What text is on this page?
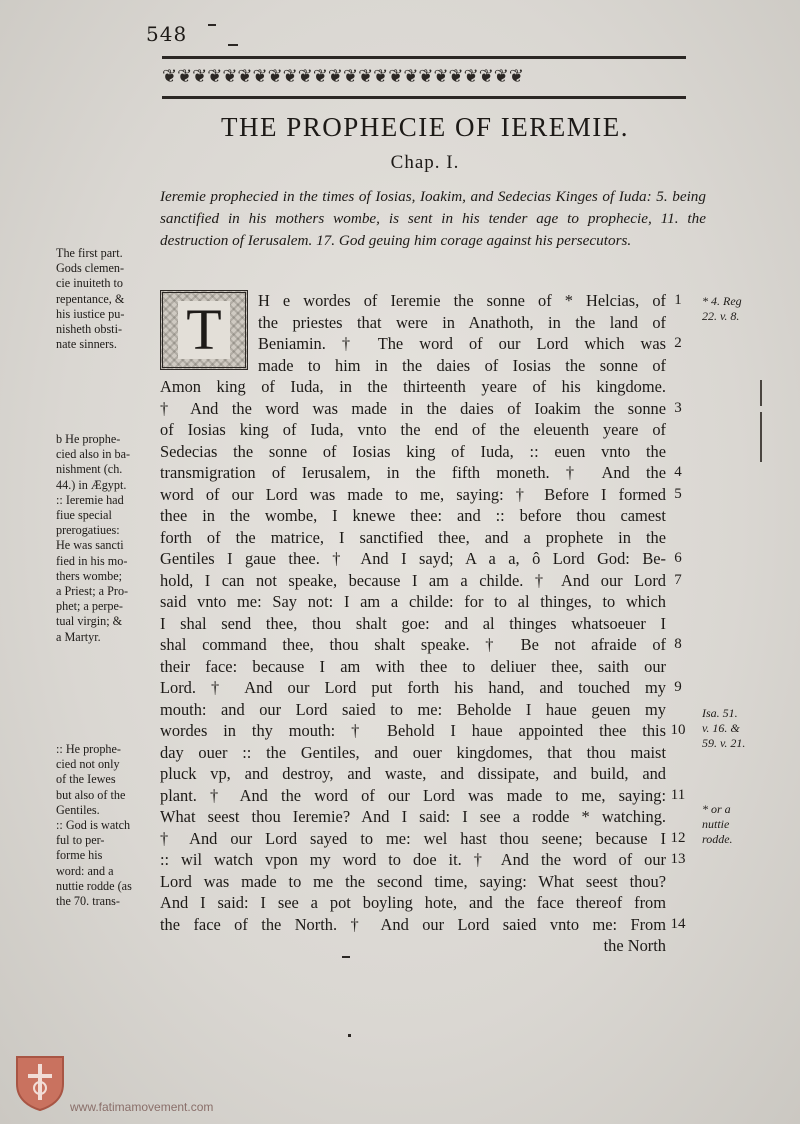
548
❦❦❦❦❦❦❦❦❦❦❦❦❦❦❦❦❦❦❦❦❦❦❦❦
THE PROPHECIE OF IEREMIE.
Chap. I.
Ieremie prophecied in the times of Iosias, Ioakim, and Sedecias Kinges of Iuda: 5. being sanctified in his mothers wombe, is sent in his tender age to prophecie, 11. the destruction of Ierusalem. 17. God geuing him corage against his persecutors.
T	H e wordes of Ieremie the sonne of * Helcias, of
the priestes that were in Anathoth, in the land of
Beniamin. † The word of our Lord which was
made to him in the daies of Iosias the sonne of
Amon king of Iuda, in the thirteenth yeare of his kingdome.
† And the word was made in the daies of Ioakim the sonne
of Iosias king of Iuda, vnto the end of the eleuenth yeare of
Sedecias the sonne of Iosias king of Iuda, :: euen vnto the
transmigration of Ierusalem, in the fifth moneth. † And the
word of our Lord was made to me, saying: † Before I formed
thee in the wombe, I knewe thee: and :: before thou camest
forth of the matrice, I sanctified thee, and a prophete in the
Gentiles I gaue thee. † And I sayd; A a a, ô Lord God: Be-
hold, I can not speake, because I am a childe. † And our Lord
said vnto me: Say not: I am a childe: for to al thinges, to which
I shal send thee, thou shalt goe: and al thinges whatsoeuer I
shal command thee, thou shalt speake. † Be not afraide of
their face: because I am with thee to deliuer thee, saith our
Lord. † And our Lord put forth his hand, and touched my
mouth: and our Lord saied to me: Beholde I haue geuen my
wordes in thy mouth: † Behold I haue appointed thee this
day ouer :: the Gentiles, and ouer kingdomes, that thou maist
pluck vp, and destroy, and waste, and dissipate, and build, and
plant. † And the word of our Lord was made to me, saying:
What seest thou Ieremie? And I said: I see a rodde * watching.
† And our Lord sayed to me: wel hast thou seene; because I
:: wil watch vpon my word to doe it. † And the word of our
Lord was made to me the second time, saying: What seest thou?
And I said: I see a pot boyling hote, and the face thereof from
the face of the North. † And our Lord saied vnto me: From
the North
The first part.
Gods clemen-
cie inuiteth to
repentance, &
his iustice pu-
nisheth obsti-
nate sinners.
b He prophe-
cied also in ba-
nishment (ch.
44.) in Ægypt.
:: Ieremie had
fiue special
prerogatiues:
He was sancti
fied in his mo-
thers wombe;
a Priest; a Pro-
phet; a perpe-
tual virgin; &
a Martyr.
:: He prophe-
cied not only
of the Iewes
but also of the
Gentiles.
:: God is watch
ful to per-
forme his
word: and a
nuttie rodde (as
the 70. trans-
1
2
3
4
5
6
7
8
9
10
11
12
13
14
* 4. Reg
22. v. 8.
Isa. 51.
v. 16. &
59. v. 21.
* or a
nuttie
rodde.
www.fatimamovement.com
